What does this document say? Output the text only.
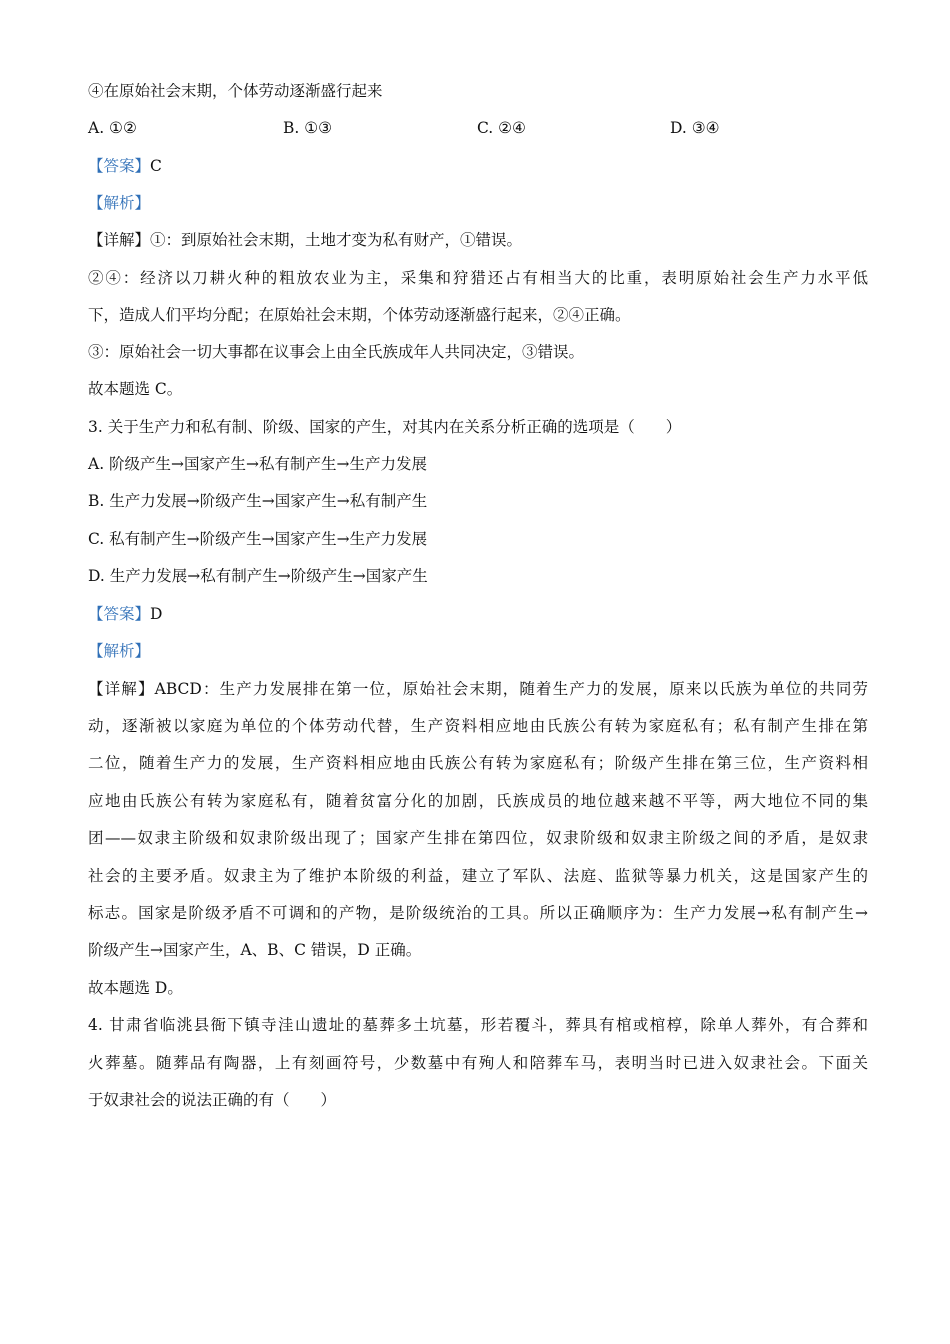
④在原始社会末期，个体劳动逐渐盛行起来
A. ①②	B. ①③	C. ②④	D. ③④
【答案】C
【解析】
【详解】①：到原始社会末期，土地才变为私有财产，①错误。
②④：经济以刀耕火种的粗放农业为主，采集和狩猎还占有相当大的比重，表明原始社会生产力水平低
下，造成人们平均分配；在原始社会末期，个体劳动逐渐盛行起来，②④正确。
③：原始社会一切大事都在议事会上由全氏族成年人共同决定，③错误。
故本题选 C。
3. 关于生产力和私有制、阶级、国家的产生，对其内在关系分析正确的选项是（　　）
A. 阶级产生→国家产生→私有制产生→生产力发展
B. 生产力发展→阶级产生→国家产生→私有制产生
C. 私有制产生→阶级产生→国家产生→生产力发展
D. 生产力发展→私有制产生→阶级产生→国家产生
【答案】D
【解析】
【详解】ABCD：生产力发展排在第一位，原始社会末期，随着生产力的发展，原来以氏族为单位的共同劳
动，逐渐被以家庭为单位的个体劳动代替，生产资料相应地由氏族公有转为家庭私有；私有制产生排在第
二位，随着生产力的发展，生产资料相应地由氏族公有转为家庭私有；阶级产生排在第三位，生产资料相
应地由氏族公有转为家庭私有，随着贫富分化的加剧，氏族成员的地位越来越不平等，两大地位不同的集
团——奴隶主阶级和奴隶阶级出现了；国家产生排在第四位，奴隶阶级和奴隶主阶级之间的矛盾，是奴隶
社会的主要矛盾。奴隶主为了维护本阶级的利益，建立了军队、法庭、监狱等暴力机关，这是国家产生的
标志。国家是阶级矛盾不可调和的产物，是阶级统治的工具。所以正确顺序为：生产力发展→私有制产生→
阶级产生→国家产生，A、B、C 错误，D 正确。
故本题选 D。
4. 甘肃省临洮县衙下镇寺洼山遗址的墓葬多土坑墓，形若覆斗，葬具有棺或棺椁，除单人葬外，有合葬和
火葬墓。随葬品有陶器，上有刻画符号，少数墓中有殉人和陪葬车马，表明当时已进入奴隶社会。下面关
于奴隶社会的说法正确的有（　　）
